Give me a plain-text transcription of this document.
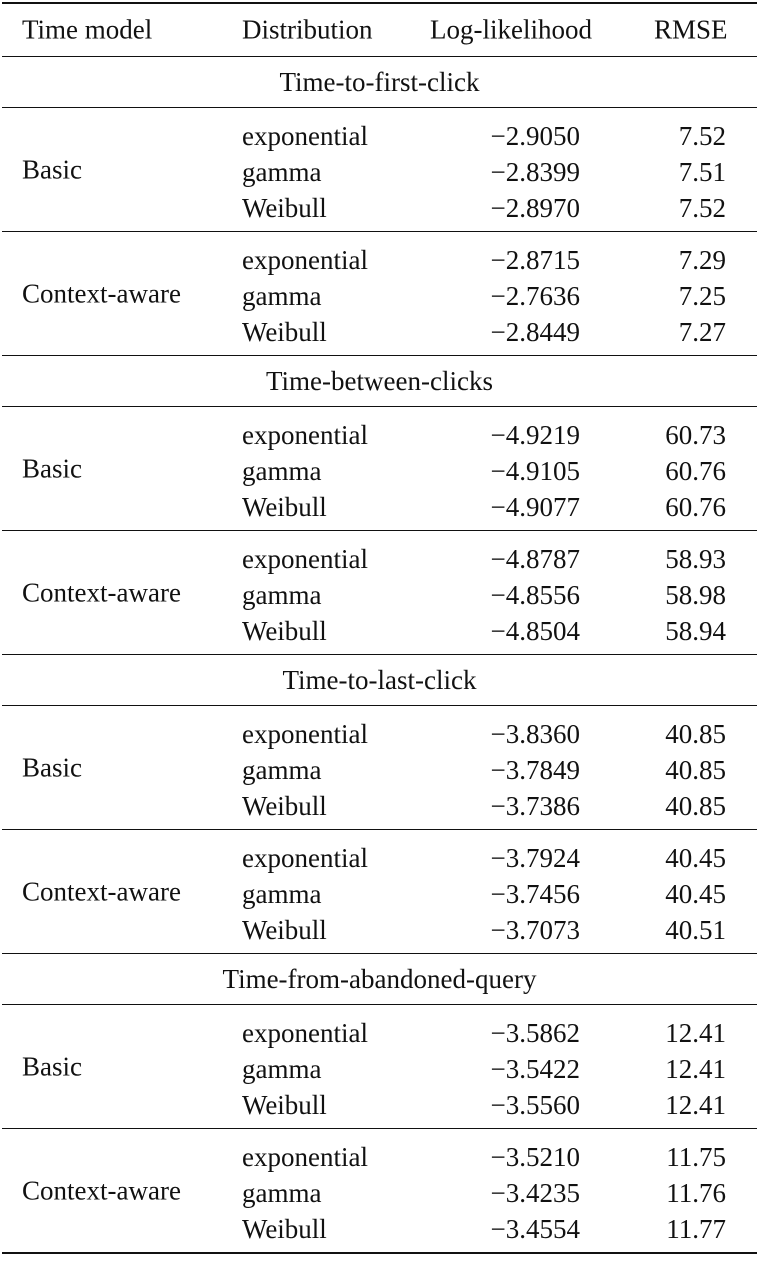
Time model	Distribution Log-likelihood RMSE
Time-to-first-click
Basic
exponential	−2.9050	7.52
gamma	−2.8399	7.51
Weibull	−2.8970	7.52
Context-aware
exponential	−2.8715	7.29
gamma	−2.7636	7.25
Weibull	−2.8449	7.27
Time-between-clicks
Basic
exponential	−4.9219	60.73
gamma	−4.9105	60.76
Weibull	−4.9077	60.76
Context-aware
exponential	−4.8787	58.93
gamma	−4.8556	58.98
Weibull	−4.8504	58.94
Time-to-last-click
Basic
exponential	−3.8360	40.85
gamma	−3.7849	40.85
Weibull	−3.7386	40.85
Context-aware
exponential	−3.7924	40.45
gamma	−3.7456	40.45
Weibull	−3.7073	40.51
Time-from-abandoned-query
Basic
exponential	−3.5862	12.41
gamma	−3.5422	12.41
Weibull	−3.5560	12.41
Context-aware
exponential	−3.5210	11.75
gamma	−3.4235	11.76
Weibull	−3.4554	11.77
